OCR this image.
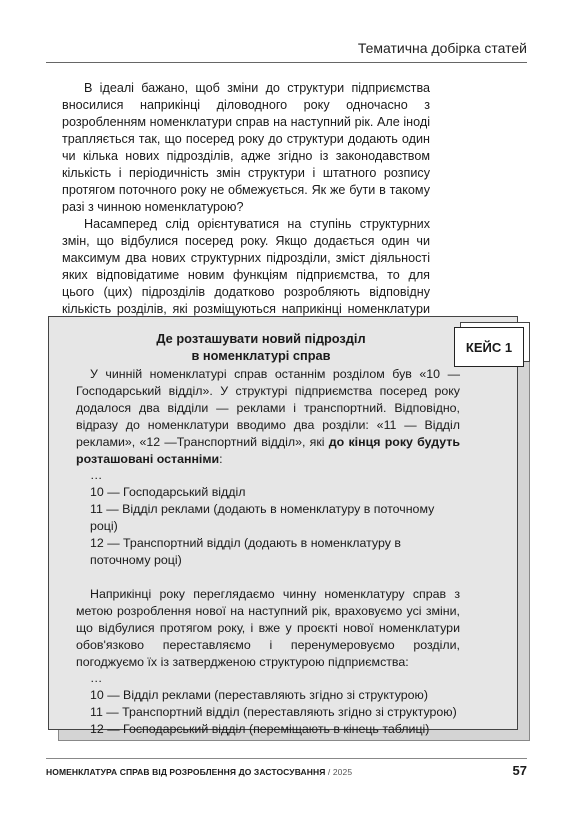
Тематична добірка статей

В ідеалі бажано, щоб зміни до структури підприємства вносилися наприкінці діловодного року одночасно з розробленням номенклатури справ на наступний рік. Але іноді трапляється так, що посеред року до структури додають один чи кілька нових підрозділів, адже згідно із законодавством кількість і періодичність змін структури і штатного розпису протягом поточного року не обмежується. Як же бути в такому разі з чинною номенклатурою?

Насамперед слід орієнтуватися на ступінь структурних змін, що відбулися посеред року. Якщо додається один чи максимум два нових структурних підрозділи, зміст діяльності яких відповідатиме новим функціям підприємства, то для цього (цих) підрозділів додатково розробляють відповідну кількість розділів, які розміщуються наприкінці номенклатури

КЕЙС 1
Де розташувати новий підрозділ
в номенклатурі справ

У чинній номенклатурі справ останнім розділом був «10 — Господарський відділ». У структурі підприємства посеред року додалося два відділи — реклами і транспортний. Відповідно, відразу до номенклатури вводимо два розділи: «11 — Відділ реклами», «12 —Транспортний відділ», які до кінця року будуть розташовані останніми:

…
10 — Господарський відділ
11 — Відділ реклами (додають в номенклатуру в поточному році)
12 — Транспортний відділ (додають в номенклатуру в поточному році)

Наприкінці року переглядаємо чинну номенклатуру справ з метою розроблення нової на наступний рік, враховуємо усі зміни, що відбулися протягом року, і вже у проєкті нової номенклатури обов'язково переставляємо і перенумеровуємо розділи, погоджуємо їх із затвердженою структурою підприємства:

…
10 — Відділ реклами (переставляють згідно зі структурою)
11 — Транспортний відділ (переставляють згідно зі структурою)
12 — Господарський відділ (переміщають в кінець таблиці)
НОМЕНКЛАТУРА СПРАВ ВІД РОЗРОБЛЕННЯ ДО ЗАСТОСУВАННЯ / 2025	57
